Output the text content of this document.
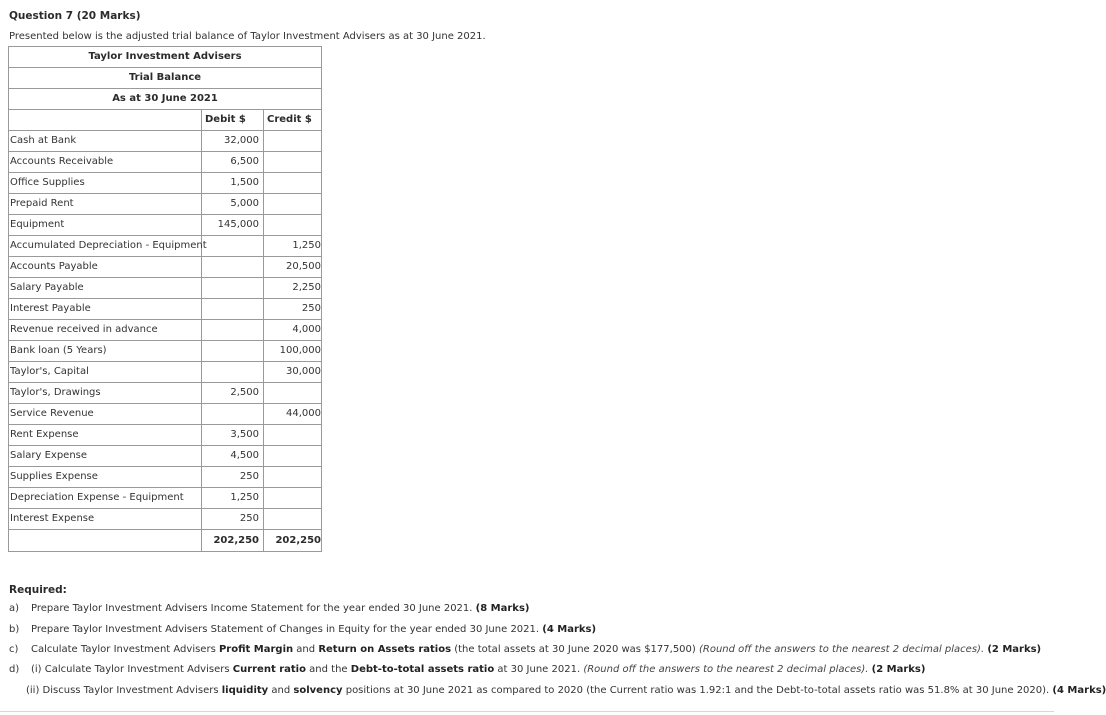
Question 7 (20 Marks)
Presented below is the adjusted trial balance of Taylor Investment Advisers as at 30 June 2021.
Taylor Investment Advisers		
Trial Balance		
As at 30 June 2021		
	Debit $	Credit $
Cash at Bank	32,000	
Accounts Receivable	6,500	
Office Supplies	1,500	
Prepaid Rent	5,000	
Equipment	145,000	
Accumulated Depreciation - Equipment		1,250
Accounts Payable		20,500
Salary Payable		2,250
Interest Payable		250
Revenue received in advance		4,000
Bank loan (5 Years)		100,000
Taylor's, Capital		30,000
Taylor's, Drawings	2,500	
Service Revenue		44,000
Rent Expense	3,500	
Salary Expense	4,500	
Supplies Expense	250	
Depreciation Expense - Equipment	1,250	
Interest Expense	250	
	202,250	202,250
Required:
a) Prepare Taylor Investment Advisers Income Statement for the year ended 30 June 2021. (8 Marks)
b) Prepare Taylor Investment Advisers Statement of Changes in Equity for the year ended 30 June 2021. (4 Marks)
c) Calculate Taylor Investment Advisers Profit Margin and Return on Assets ratios (the total assets at 30 June 2020 was $177,500) (Round off the answers to the nearest 2 decimal places). (2 Marks)
d) (i) Calculate Taylor Investment Advisers Current ratio and the Debt-to-total assets ratio at 30 June 2021. (Round off the answers to the nearest 2 decimal places). (2 Marks)
(ii) Discuss Taylor Investment Advisers liquidity and solvency positions at 30 June 2021 as compared to 2020 (the Current ratio was 1.92:1 and the Debt-to-total assets ratio was 51.8% at 30 June 2020). (4 Marks)
